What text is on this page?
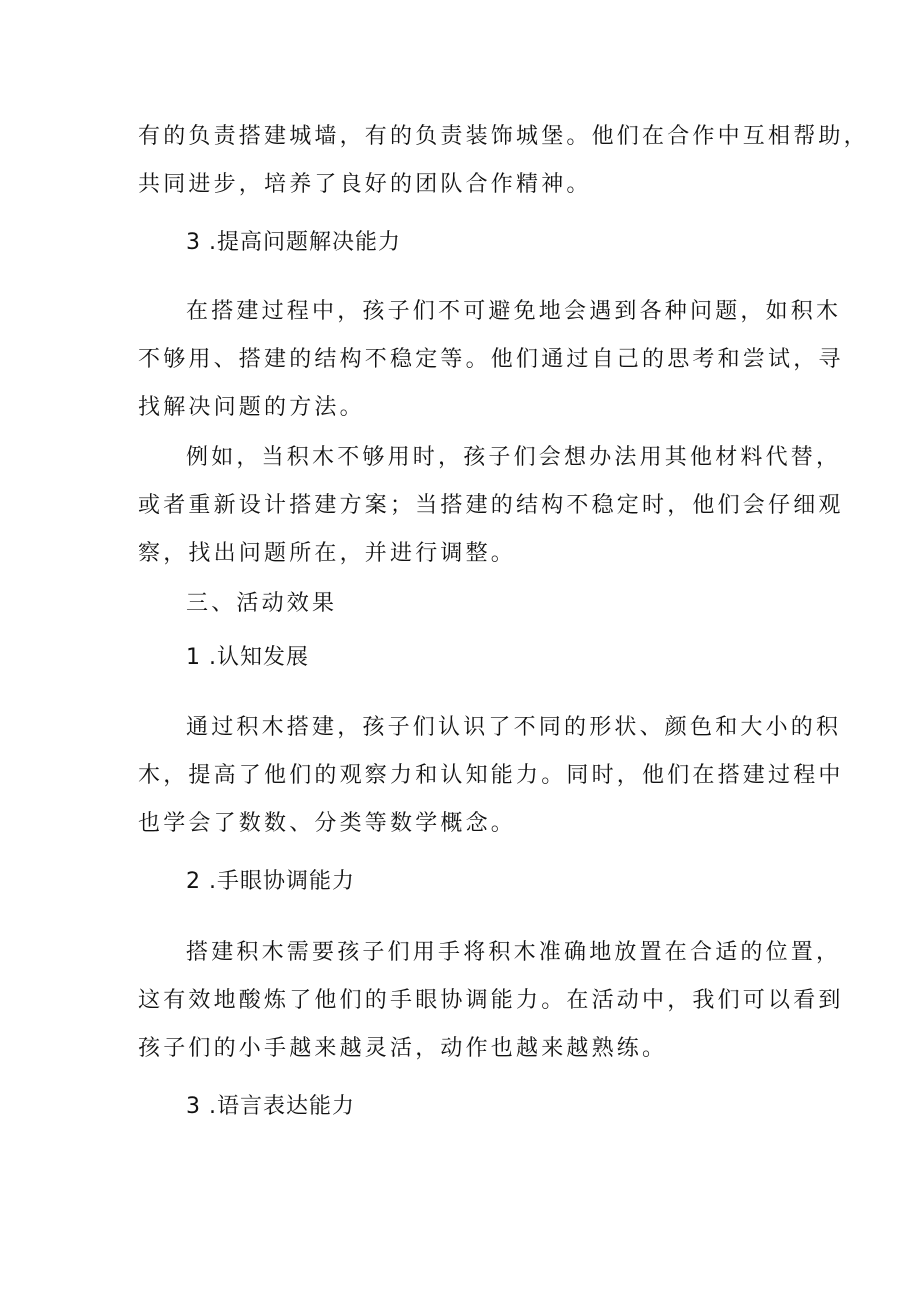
有的负责搭建城墙，有的负责装饰城堡。他们在合作中互相帮助，
共同进步，培养了良好的团队合作精神。
3 .提高问题解决能力
在搭建过程中，孩子们不可避免地会遇到各种问题，如积木
不够用、搭建的结构不稳定等。他们通过自己的思考和尝试，寻
找解决问题的方法。
例如，当积木不够用时，孩子们会想办法用其他材料代替，
或者重新设计搭建方案；当搭建的结构不稳定时，他们会仔细观
察，找出问题所在，并进行调整。
三、活动效果
1 .认知发展
通过积木搭建，孩子们认识了不同的形状、颜色和大小的积
木，提高了他们的观察力和认知能力。同时，他们在搭建过程中
也学会了数数、分类等数学概念。
2 .手眼协调能力
搭建积木需要孩子们用手将积木准确地放置在合适的位置，
这有效地酸炼了他们的手眼协调能力。在活动中，我们可以看到
孩子们的小手越来越灵活，动作也越来越熟练。
3 .语言表达能力
